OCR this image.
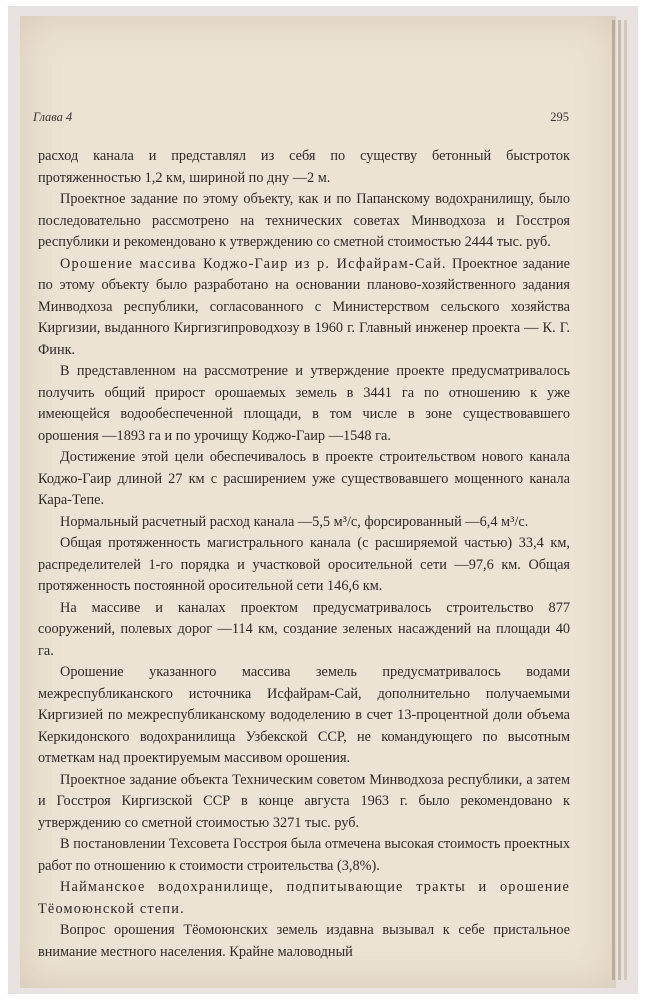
Глава 4	295

расход канала и представлял из себя по существу бетонный быстроток протяженностью 1,2 км, шириной по дну —2 м.

Проектное задание по этому объекту, как и по Папанскому водохранилищу, было последовательно рассмотрено на технических советах Минводхоза и Госстроя республики и рекомендовано к утверждению со сметной стоимостью 2444 тыс. руб.

Орошение массива Коджо-Гаир из р. Исфайрам-Сай. Проектное задание по этому объекту было разработано на основании планово-хозяйственного задания Минводхоза республики, согласованного с Министерством сельского хозяйства Киргизии, выданного Киргизгипроводхозу в 1960 г. Главный инженер проекта — К. Г. Финк.

В представленном на рассмотрение и утверждение проекте предусматривалось получить общий прирост орошаемых земель в 3441 га по отношению к уже имеющейся водообеспеченной площади, в том числе в зоне существовавшего орошения —1893 га и по урочищу Коджо-Гаир —1548 га.

Достижение этой цели обеспечивалось в проекте строительством нового канала Коджо-Гаир длиной 27 км с расширением уже существовавшего мощенного канала Кара-Тепе.

Нормальный расчетный расход канала —5,5 м³/с, форсированный —6,4 м³/с.

Общая протяженность магистрального канала (с расширяемой частью) 33,4 км, распределителей 1-го порядка и участковой оросительной сети —97,6 км. Общая протяженность постоянной оросительной сети 146,6 км.

На массиве и каналах проектом предусматривалось строительство 877 сооружений, полевых дорог —114 км, создание зеленых насаждений на площади 40 га.

Орошение указанного массива земель предусматривалось водами межреспубликанского источника Исфайрам-Сай, дополнительно получаемыми Киргизией по межреспубликанскому вододелению в счет 13-процентной доли объема Керкидонского водохранилища Узбекской ССР, не командующего по высотным отметкам над проектируемым массивом орошения.

Проектное задание объекта Техническим советом Минводхоза республики, а затем и Госстроя Киргизской ССР в конце августа 1963 г. было рекомендовано к утверждению со сметной стоимостью 3271 тыс. руб.

В постановлении Техсовета Госстроя была отмечена высокая стоимость проектных работ по отношению к стоимости строительства (3,8%).

Найманское водохранилище, подпитывающие тракты и орошение Тёомоюнской степи.

Вопрос орошения Тёомоюнских земель издавна вызывал к себе пристальное внимание местного населения. Крайне маловодный
